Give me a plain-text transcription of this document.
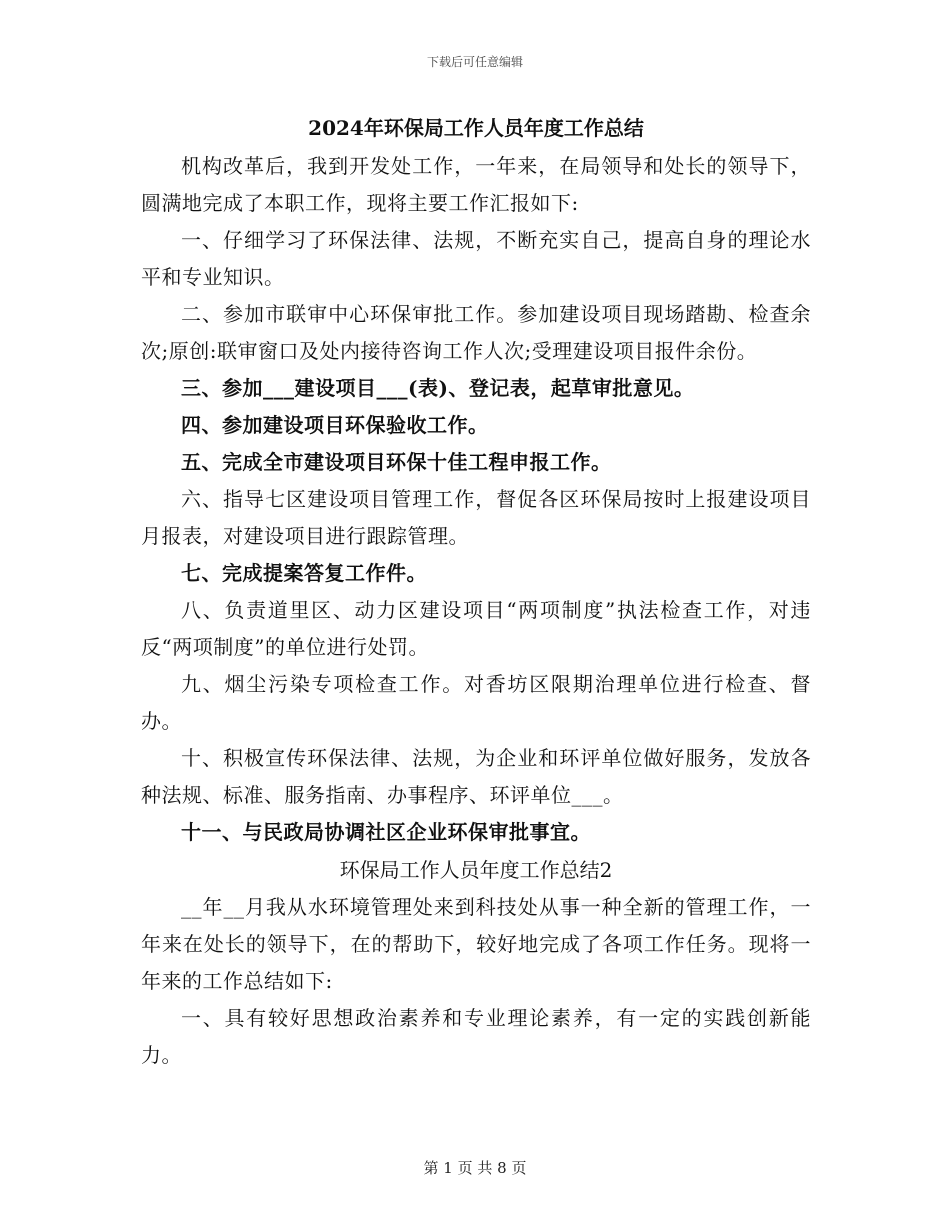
下载后可任意编辑
2024年环保局工作人员年度工作总结

机构改革后，我到开发处工作，一年来，在局领导和处长的领导下，圆满地完成了本职工作，现将主要工作汇报如下:

一、仔细学习了环保法律、法规，不断充实自己，提高自身的理论水平和专业知识。

二、参加市联审中心环保审批工作。参加建设项目现场踏勘、检查余次;原创:联审窗口及处内接待咨询工作人次;受理建设项目报件余份。

三、参加___建设项目___(表)、登记表，起草审批意见。

四、参加建设项目环保验收工作。

五、完成全市建设项目环保十佳工程申报工作。

六、指导七区建设项目管理工作，督促各区环保局按时上报建设项目月报表，对建设项目进行跟踪管理。

七、完成提案答复工作件。

八、负责道里区、动力区建设项目“两项制度”执法检查工作，对违反“两项制度”的单位进行处罚。

九、烟尘污染专项检查工作。对香坊区限期治理单位进行检查、督办。

十、积极宣传环保法律、法规，为企业和环评单位做好服务，发放各种法规、标准、服务指南、办事程序、环评单位___。

十一、与民政局协调社区企业环保审批事宜。

环保局工作人员年度工作总结2

__年__月我从水环境管理处来到科技处从事一种全新的管理工作，一年来在处长的领导下，在的帮助下，较好地完成了各项工作任务。现将一年来的工作总结如下:

一、具有较好思想政治素养和专业理论素养，有一定的实践创新能力。

第 1 页 共 8 页
